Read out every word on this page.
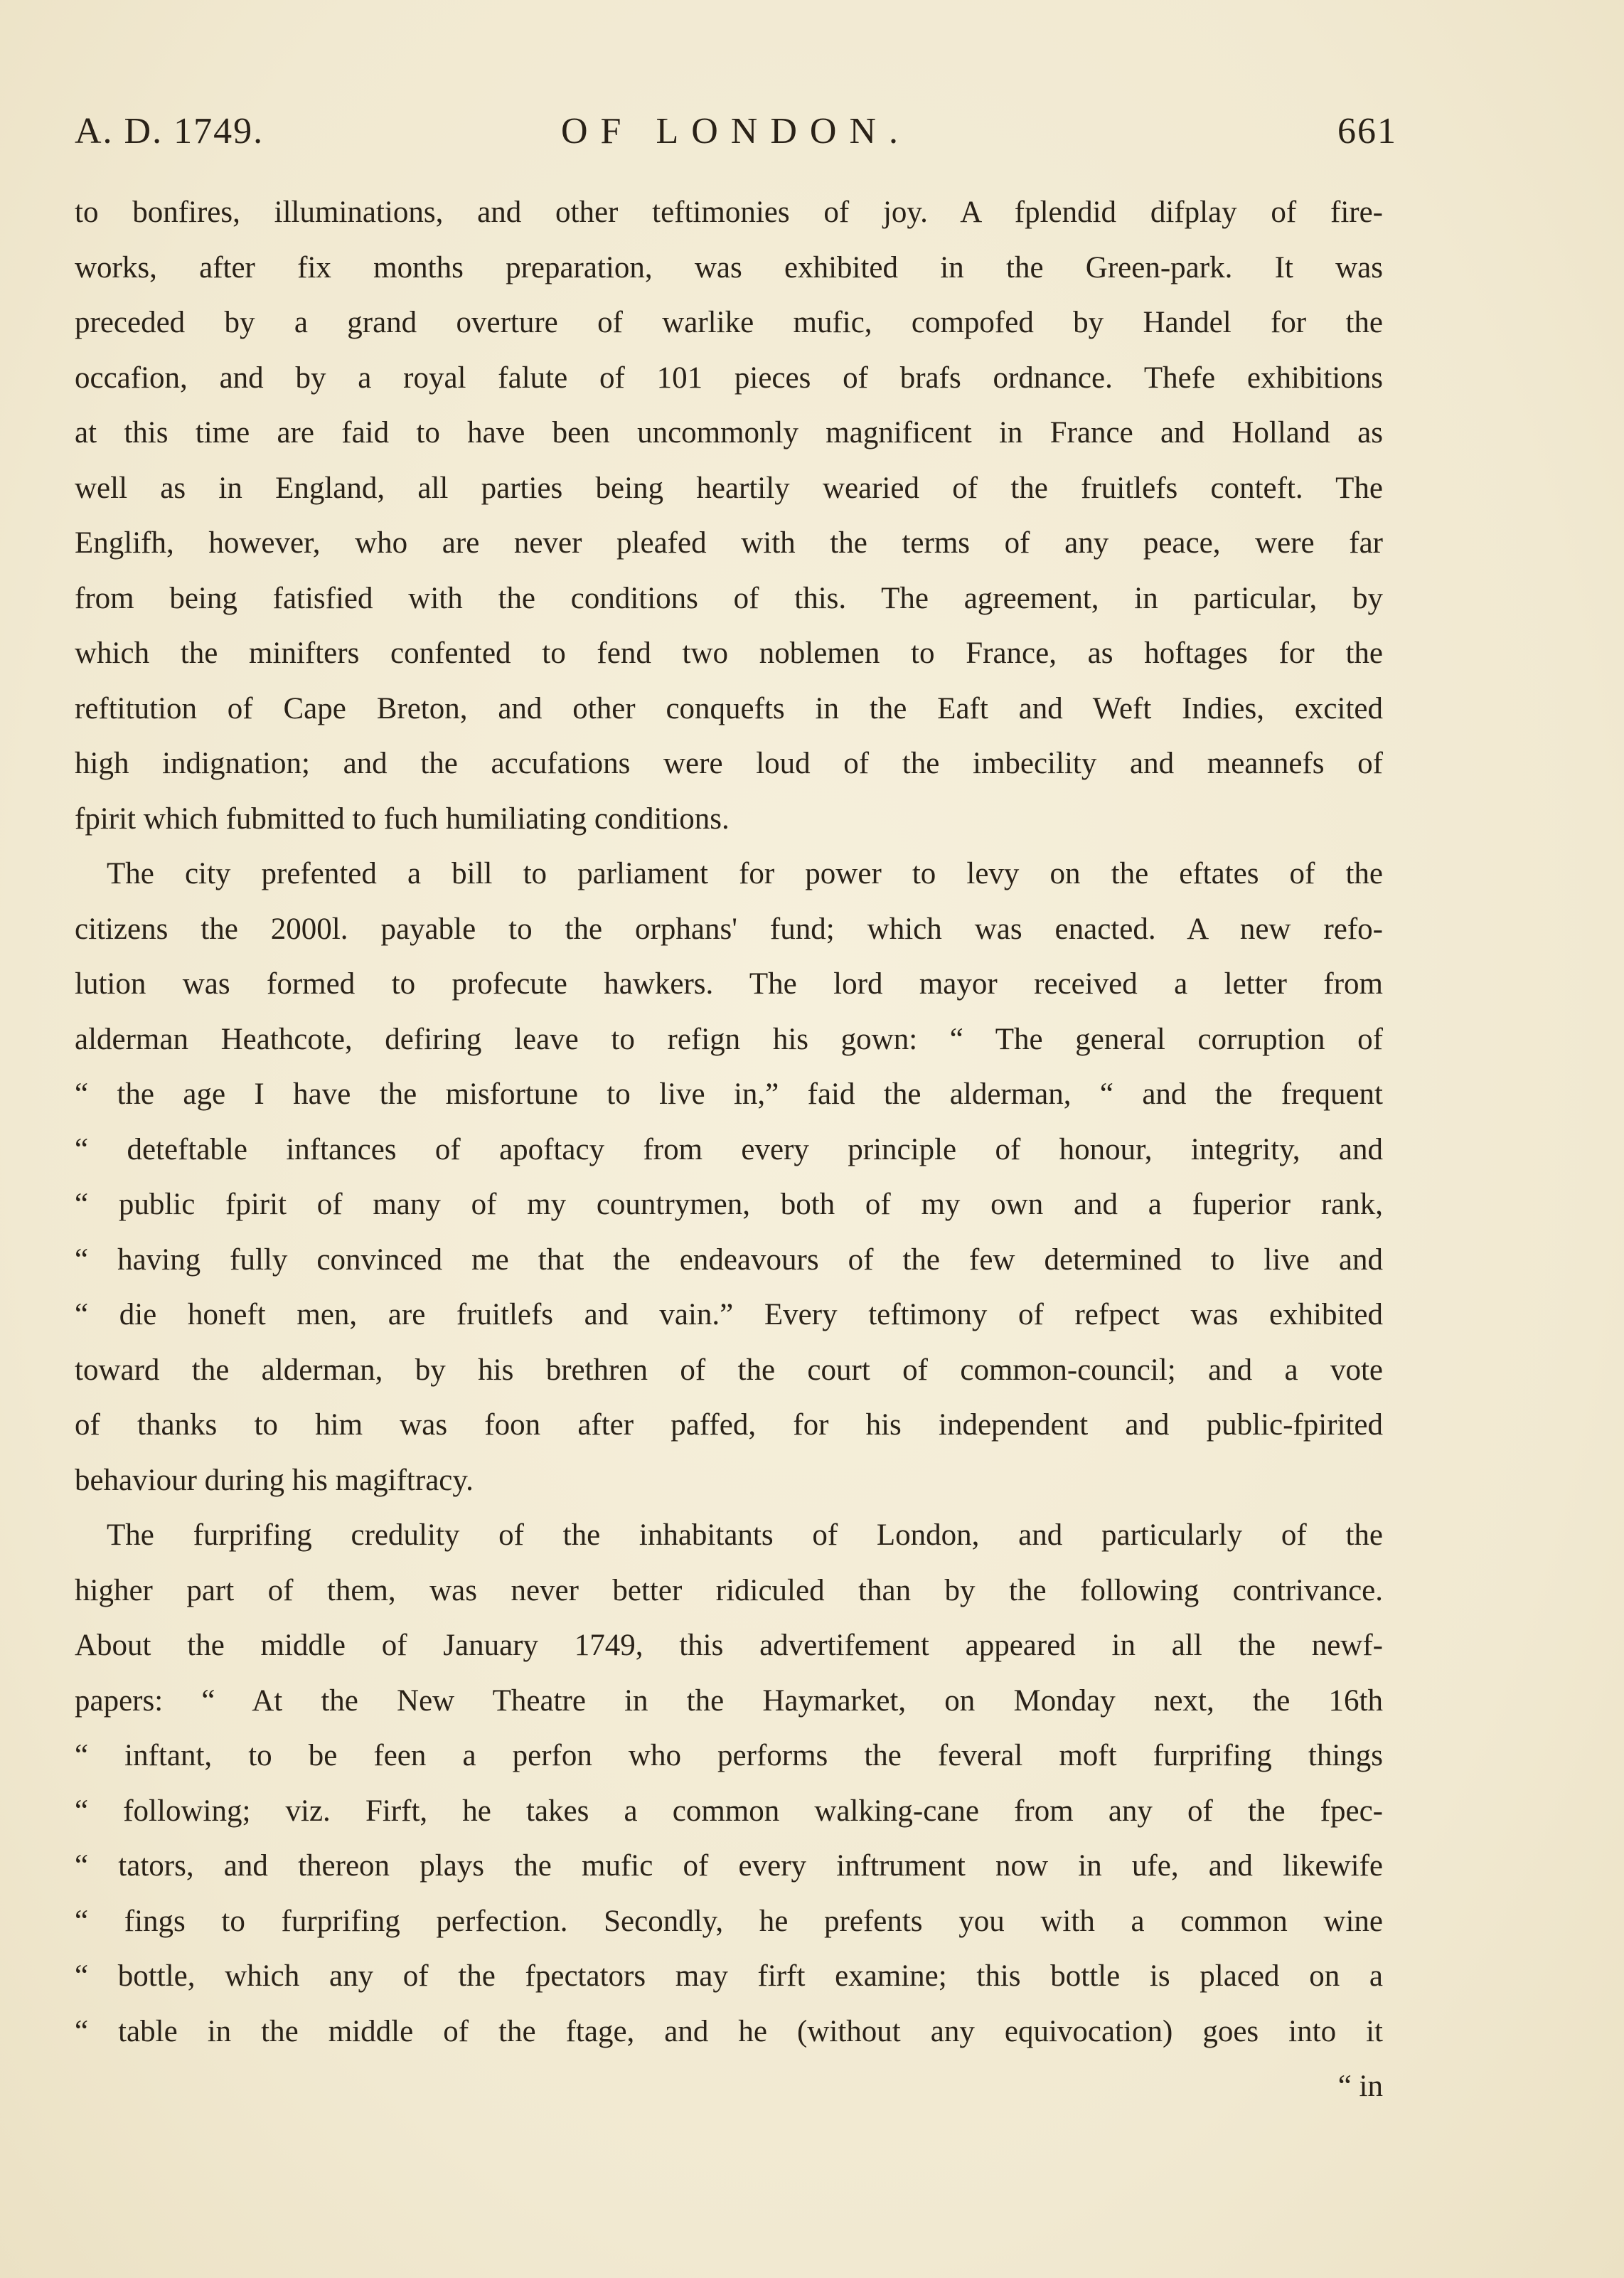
A. D. 1749.	OF LONDON.	661
to bonfires, illuminations, and other teftimonies of joy. A fplendid difplay of fire-
works, after fix months preparation, was exhibited in the Green-park. It was
preceded by a grand overture of warlike mufic, compofed by Handel for the
occafion, and by a royal falute of 101 pieces of brafs ordnance. Thefe exhibitions
at this time are faid to have been uncommonly magnificent in France and Holland as
well as in England, all parties being heartily wearied of the fruitlefs conteft. The
Englifh, however, who are never pleafed with the terms of any peace, were far
from being fatisfied with the conditions of this. The agreement, in particular, by
which the minifters confented to fend two noblemen to France, as hoftages for the
reftitution of Cape Breton, and other conquefts in the Eaft and Weft Indies, excited
high indignation; and the accufations were loud of the imbecility and meannefs of
fpirit which fubmitted to fuch humiliating conditions.
The city prefented a bill to parliament for power to levy on the eftates of the
citizens the 2000l. payable to the orphans' fund; which was enacted. A new refo-
lution was formed to profecute hawkers. The lord mayor received a letter from
alderman Heathcote, defiring leave to refign his gown: “ The general corruption of
“ the age I have the misfortune to live in,” faid the alderman, “ and the frequent
“ deteftable inftances of apoftacy from every principle of honour, integrity, and
“ public fpirit of many of my countrymen, both of my own and a fuperior rank,
“ having fully convinced me that the endeavours of the few determined to live and
“ die honeft men, are fruitlefs and vain.” Every teftimony of refpect was exhibited
toward the alderman, by his brethren of the court of common-council; and a vote
of thanks to him was foon after paffed, for his independent and public-fpirited
behaviour during his magiftracy.
The furprifing credulity of the inhabitants of London, and particularly of the
higher part of them, was never better ridiculed than by the following contrivance.
About the middle of January 1749, this advertifement appeared in all the newf-
papers: “ At the New Theatre in the Haymarket, on Monday next, the 16th
“ inftant, to be feen a perfon who performs the feveral moft furprifing things
“ following; viz. Firft, he takes a common walking-cane from any of the fpec-
“ tators, and thereon plays the mufic of every inftrument now in ufe, and likewife
“ fings to furprifing perfection. Secondly, he prefents you with a common wine
“ bottle, which any of the fpectators may firft examine; this bottle is placed on a
“ table in the middle of the ftage, and he (without any equivocation) goes into it
“ in
